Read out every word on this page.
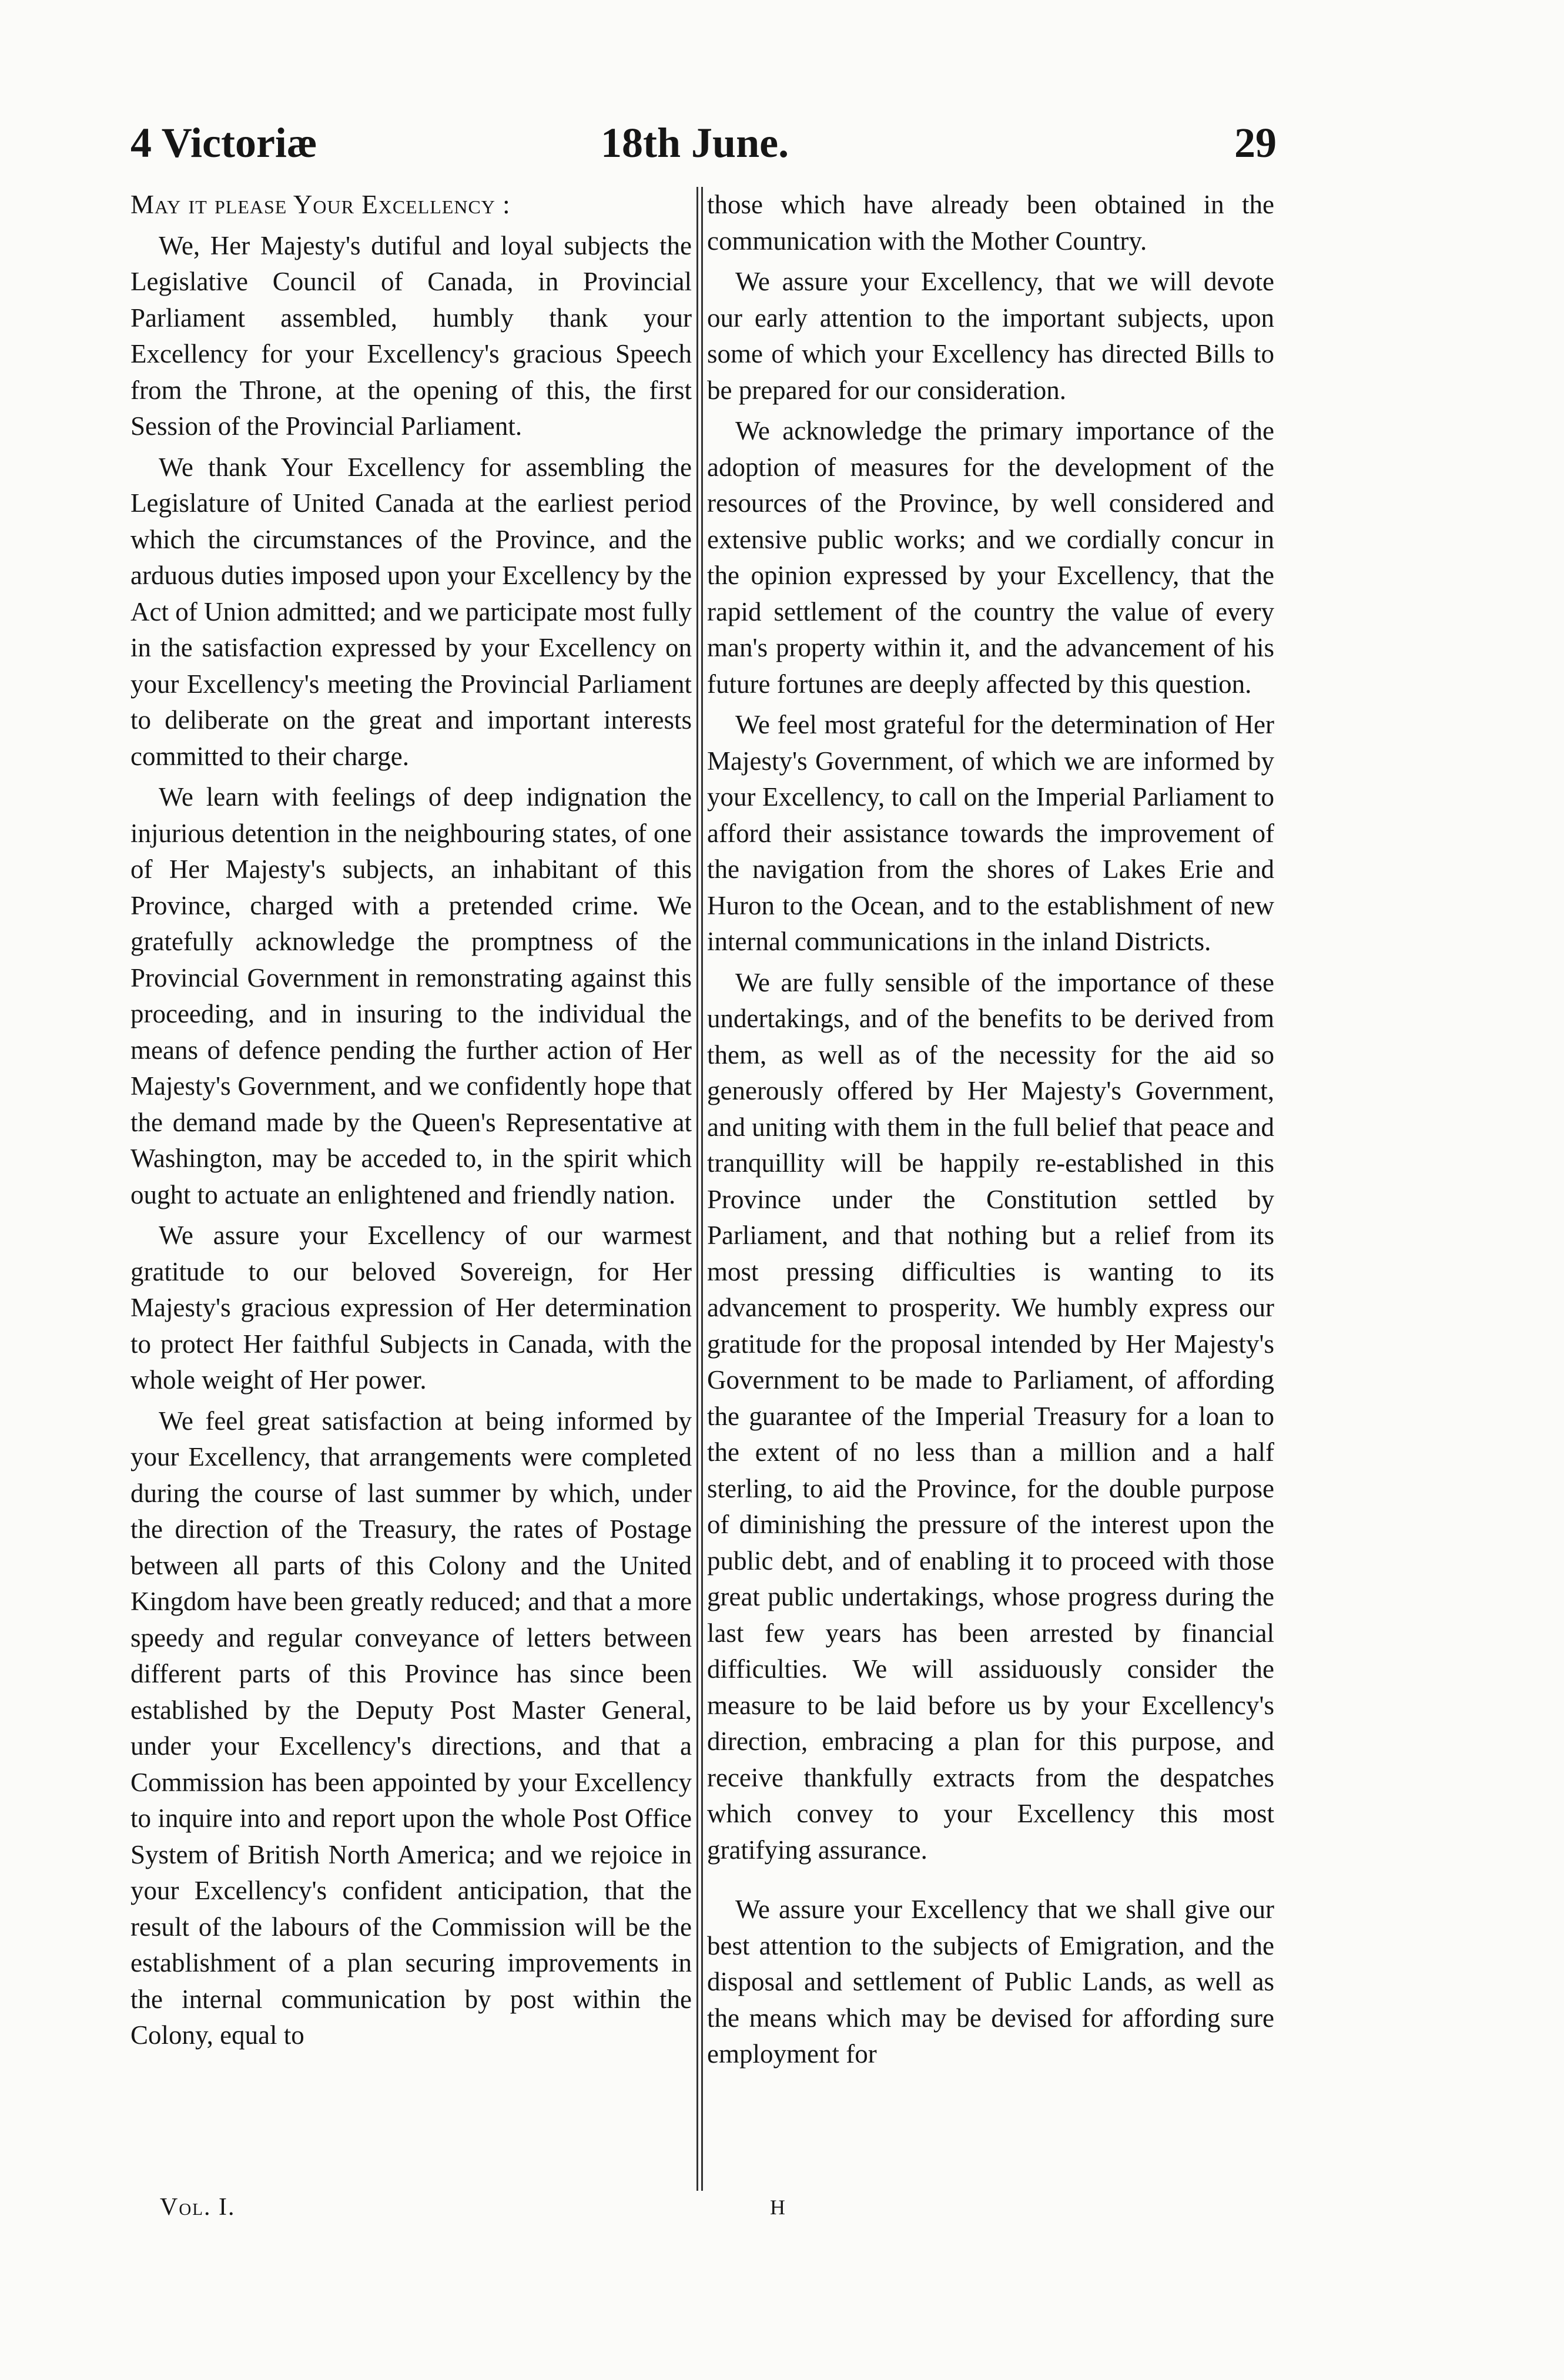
4 Victoriæ	18th June.	29

May it please Your Excellency :

We, Her Majesty's dutiful and loyal subjects the Legislative Council of Canada, in Provincial Parliament assembled, humbly thank your Excellency for your Excellency's gracious Speech from the Throne, at the opening of this, the first Session of the Provincial Parliament.

We thank Your Excellency for assembling the Legislature of United Canada at the earliest period which the circumstances of the Province, and the arduous duties imposed upon your Excellency by the Act of Union admitted; and we participate most fully in the satisfaction expressed by your Excellency on your Excellency's meeting the Provincial Parliament to deliberate on the great and important interests committed to their charge.

We learn with feelings of deep indignation the injurious detention in the neighbouring states, of one of Her Majesty's subjects, an inhabitant of this Province, charged with a pretended crime. We gratefully acknowledge the promptness of the Provincial Government in remonstrating against this proceeding, and in insuring to the individual the means of defence pending the further action of Her Majesty's Government, and we confidently hope that the demand made by the Queen's Representative at Washington, may be acceded to, in the spirit which ought to actuate an enlightened and friendly nation.

We assure your Excellency of our warmest gratitude to our beloved Sovereign, for Her Majesty's gracious expression of Her determination to protect Her faithful Subjects in Canada, with the whole weight of Her power.

We feel great satisfaction at being informed by your Excellency, that arrangements were completed during the course of last summer by which, under the direction of the Treasury, the rates of Postage between all parts of this Colony and the United Kingdom have been greatly reduced; and that a more speedy and regular conveyance of letters between different parts of this Province has since been established by the Deputy Post Master General, under your Excellency's directions, and that a Commission has been appointed by your Excellency to inquire into and report upon the whole Post Office System of British North America; and we rejoice in your Excellency's confident anticipation, that the result of the labours of the Commission will be the establishment of a plan securing improvements in the internal communication by post within the Colony, equal to

those which have already been obtained in the communication with the Mother Country.

We assure your Excellency, that we will devote our early attention to the important subjects, upon some of which your Excellency has directed Bills to be prepared for our consideration.

We acknowledge the primary importance of the adoption of measures for the development of the resources of the Province, by well considered and extensive public works; and we cordially concur in the opinion expressed by your Excellency, that the rapid settlement of the country the value of every man's property within it, and the advancement of his future fortunes are deeply affected by this question.

We feel most grateful for the determination of Her Majesty's Government, of which we are informed by your Excellency, to call on the Imperial Parliament to afford their assistance towards the improvement of the navigation from the shores of Lakes Erie and Huron to the Ocean, and to the establishment of new internal communications in the inland Districts.

We are fully sensible of the importance of these undertakings, and of the benefits to be derived from them, as well as of the necessity for the aid so generously offered by Her Majesty's Government, and uniting with them in the full belief that peace and tranquillity will be happily re-established in this Province under the Constitution settled by Parliament, and that nothing but a relief from its most pressing difficulties is wanting to its advancement to prosperity. We humbly express our gratitude for the proposal intended by Her Majesty's Government to be made to Parliament, of affording the guarantee of the Imperial Treasury for a loan to the extent of no less than a million and a half sterling, to aid the Province, for the double purpose of diminishing the pressure of the interest upon the public debt, and of enabling it to proceed with those great public undertakings, whose progress during the last few years has been arrested by financial difficulties. We will assiduously consider the measure to be laid before us by your Excellency's direction, embracing a plan for this purpose, and receive thankfully extracts from the despatches which convey to your Excellency this most gratifying assurance.

We assure your Excellency that we shall give our best attention to the subjects of Emigration, and the disposal and settlement of Public Lands, as well as the means which may be devised for affording sure employment for

Vol. I.	H
